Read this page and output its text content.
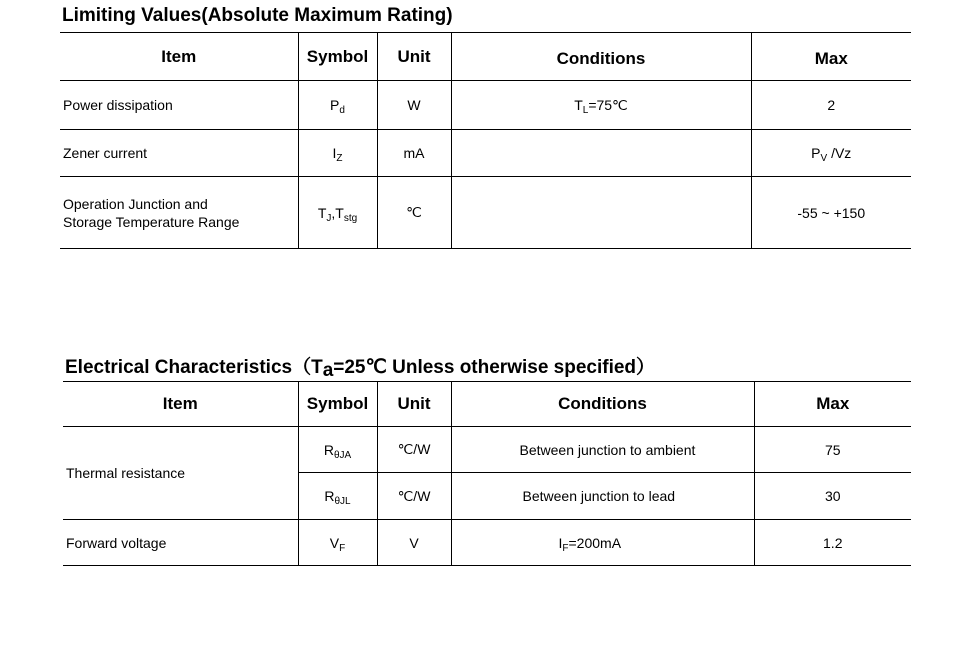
Limiting Values(Absolute Maximum Rating)
Item	Symbol	Unit	Conditions	Max
Power dissipation	$P_d$	W	$T_L=75℃$	2
Zener current	$I_Z$	mA		$P_V$ /Vz
Operation Junction and
Storage Temperature Range	$T_J,T_{stg}$	℃		-55 ~ +150
Electrical $Characteristics(T_a=25℃$ Unless otherwise specified）
Item	Symbol	Unit	Conditions	Max
Thermal resistance	$R_{\theta JA}$	℃/W	Between junction to ambient	75
	$R_{\theta JL}$	℃/W	Between junction to lead	30
Forward voltage	$V_F$	V	$I_F=200mA$	1.2
